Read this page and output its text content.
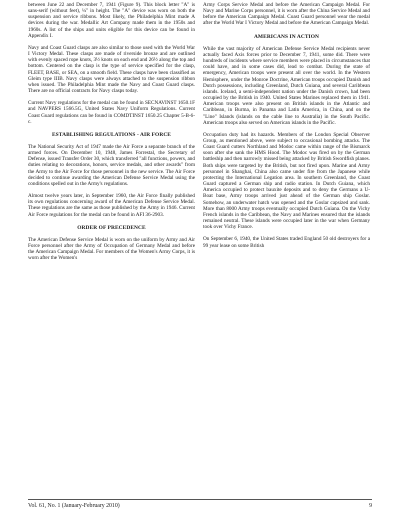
between June 22 and December 7, 1941 (Figure 9). This block letter "A" is sans-serif (without feet), ¼" in height. The "A" device was worn on both the suspension and service ribbons. Most likely, the Philadelphia Mint made A devices during the war. Medallic Art Company made them in the 1950s and 1960s. A list of the ships and units eligible for this device can be found in Appendix I.

Navy and Coast Guard clasps are also similar to those used with the World War I Victory Medal. These clasps are made of riverside bronze and are outlined with evenly spaced rope knots, 3½ knots on each end and 26½ along the top and bottom. Centered on the clasp is the type of service specified for the clasp, FLEET, BASE, or SEA, on a smooth field. These clasps have been classified as Gleim type IIIB. Navy clasps were always attached to the suspension ribbon when issued. The Philadelphia Mint made the Navy and Coast Guard clasps. There are no official contracts for Navy clasps today.

Current Navy regulations for the medal can be found in SECNAVINST 1650.1F and NAVPERS 1566.5G, United States Navy Uniform Regulations. Current Coast Guard regulations can be found in COMDTINST 1650.25 Chapter 5-B-6-c.

ESTABLISHING REGULATIONS - AIR FORCE

The National Security Act of 1947 made the Air Force a separate branch of the armed forces. On December 10, 1948, James Forrestal, the Secretary of Defense, issued Transfer Order 30, which transferred "all functions, powers, and duties relating to decorations, honors, service medals, and other awards" from the Army to the Air Force for those personnel in the new service. The Air Force decided to continue awarding the American Defense Service Medal using the conditions spelled out in the Army's regulations.

Almost twelve years later, in September 1960, the Air Force finally published its own regulations concerning award of the American Defense Service Medal. These regulations are the same as those published by the Army in 1946. Current Air Force regulations for the medal can be found in AFI 36-2903.

ORDER OF PRECEDENCE

The American Defense Service Medal is worn on the uniform by Army and Air Force personnel after the Army of Occupation of Germany Medal and before the American Campaign Medal. For members of the Women's Army Corps, it is worn after the Women's

Army Corps Service Medal and before the American Campaign Medal. For Navy and Marine Corps personnel, it is worn after the China Service Medal and before the American Campaign Medal. Coast Guard personnel wear the medal after the World War I Victory Medal and before the American Campaign Medal.

AMERICANS IN ACTION

While the vast majority of American Defense Service Medal recipients never actually faced Axis forces prior to December 7, 1941, some did. There were hundreds of incidents where service members were placed in circumstances that could have, and in some cases did, lead to combat. During the state of emergency, American troops were present all over the world. In the Western Hemisphere, under the Monroe Doctrine, American troops occupied Danish and Dutch possessions, including Greenland, Dutch Guiana, and several Caribbean islands. Iceland, a semi-independent nation under the Danish crown, had been occupied by the British in 1940. United States Marines replaced them in 1941. American troops were also present on British islands in the Atlantic and Caribbean, in Burma, in Panama and Latin America, in China, and on the "Line" Islands (islands on the cable line to Australia) in the South Pacific. American troops also served on American islands in the Pacific.

Occupation duty had its hazards. Members of the London Special Observer Group, as mentioned above, were subject to occasional bombing attacks. The Coast Guard cutters Northland and Modoc came within range of the Bismarck soon after she sank the HMS Hood. The Modoc was fired on by the German battleship and then narrowly missed being attacked by British Swordfish planes. Both ships were targeted by the British, but not fired upon. Marine and Army personnel in Shanghai, China also came under fire from the Japanese while protecting the International Legation area. In southern Greenland, the Coast Guard captured a German ship and radio station. In Dutch Guiana, which America occupied to protect bauxite deposits and to deny the Germans a U-Boat base, Army troops arrived just ahead of the German ship Goslar. Somehow, an underwater hatch was opened and the Goslar capsized and sank. More than 8000 Army troops eventually occupied Dutch Guiana. On the Vichy French islands in the Caribbean, the Navy and Marines ensured that the islands remained neutral. These islands were occupied later in the war when Germany took over Vichy France.

On September 6, 1940, the United States traded England 50 old destroyers for a 99 year lease on some British

Vol. 61, No. 1 (January-February 2010)	9
